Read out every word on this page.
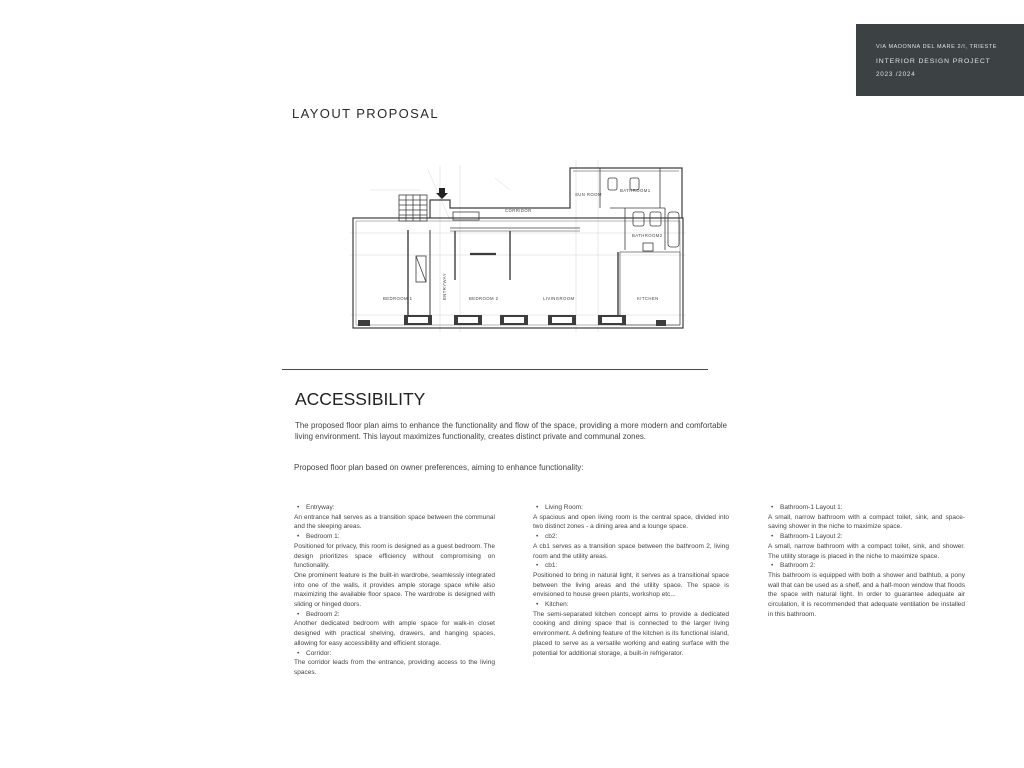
VIA MADONNA DEL MARE 2/I, TRIESTE
INTERIOR DESIGN PROJECT
2023 /2024
LAYOUT PROPOSAL
SUN ROOM
BATHROOM1
CORRIDOR
BATHROOM2
BEDROOM 1	BEDROOM 2	LIVINGROOM	KITCHEN
ENTRYWAY
ACCESSIBILITY
The proposed floor plan aims to enhance the functionality and flow of the space, providing a more modern and comfortable living environment. This layout maximizes functionality, creates distinct private and communal zones.
Proposed floor plan based on owner preferences, aiming to enhance functionality:
• Entryway:

An entrance hall serves as a transition space between the communal and the sleeping areas.

• Bedroom 1:

Positioned for privacy, this room is designed as a guest bedroom. The design prioritizes space efficiency without compromising on functionality.

One prominent feature is the built-in wardrobe, seamlessly integrated into one of the walls, it provides ample storage space while also maximizing the available floor space. The wardrobe is designed with sliding or hinged doors.

• Bedroom 2:

Another dedicated bedroom with ample space for walk-in closet designed with practical shelving, drawers, and hanging spaces, allowing for easy accessibility and efficient storage.

• Corridor:

The corridor leads from the entrance, providing access to the living spaces.

• Living Room:

A spacious and open living room is the central space, divided into two distinct zones - a dining area and a lounge space.

• cb2:

A cb1 serves as a transition space between the bathroom 2, living room and the utility areas.

• cb1:

Positioned to bring in natural light, it serves as a transitional space between the living areas and the utility space. The space is envisioned to house green plants, workshop etc...

• Kitchen:

The semi-separated kitchen concept aims to provide a dedicated cooking and dining space that is connected to the larger living environment. A defining feature of the kitchen is its functional island, placed to serve as a versatile working and eating surface with the potential for additional storage, a built-in refrigerator.

• Bathroom-1 Layout 1:

A small, narrow bathroom with a compact toilet, sink, and space-saving shower in the niche to maximize space.

• Bathroom-1 Layout 2:

A small, narrow bathroom with a compact toilet, sink, and shower. The utility storage is placed in the niche to maximize space.

• Bathroom 2:

This bathroom is equipped with both a shower and bathtub, a pony wall that can be used as a shelf, and a half-moon window that floods the space with natural light. In order to guarantee adequate air circulation, it is recommended that adequate ventilation be installed in this bathroom.
